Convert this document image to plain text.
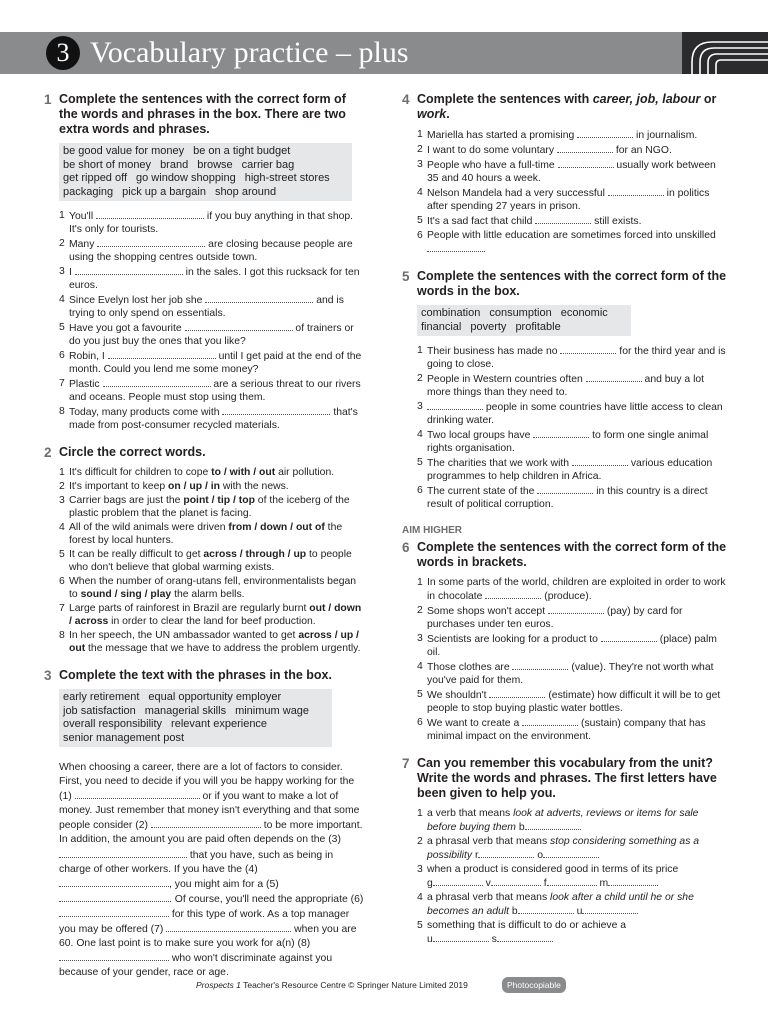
3 Vocabulary practice – plus
1 Complete the sentences with the correct form of the words and phrases in the box. There are two extra words and phrases.
be good value for money be on a tight budgetbe short of money brand browse carrier bagget ripped off go window shopping high-street storespackaging pick up a bargain shop around
1 You'll	if you buy anything in that shop. It's only for tourists.
2 Many	are closing because people are using the shopping centres outside town.
3 I	in the sales. I got this rucksack for ten euros.
4 Since Evelyn lost her job she	and is trying to only spend on essentials.
5 Have you got a favourite	of trainers or do you just buy the ones that you like?
6 Robin, I	until I get paid at the end of the month. Could you lend me some money?
7 Plastic	are a serious threat to our rivers and oceans. People must stop using them.
8 Today, many products come with	that's made from post-consumer recycled materials.
2 Circle the correct words.
1 It's difficult for children to cope to / with / out air pollution.
2 It's important to keep on / up / in with the news.
3 Carrier bags are just the point / tip / top of the iceberg of the plastic problem that the planet is facing.
4 All of the wild animals were driven from / down / out of the forest by local hunters.
5 It can be really difficult to get across / through / up to people who don't believe that global warming exists.
6 When the number of orang-utans fell, environmentalists began to sound / sing / play the alarm bells.
7 Large parts of rainforest in Brazil are regularly burnt out / down / across in order to clear the land for beef production.
8 In her speech, the UN ambassador wanted to get across / up / out the message that we have to address the problem urgently.
3 Complete the text with the phrases in the box.
early retirement equal opportunity employerjob satisfaction managerial skills minimum wageoverall responsibility relevant experiencesenior management post
When choosing a career, there are a lot of factors to consider. First, you need to decide if you will you be happy working for the (1)	or if you want to make a lot of money. Just remember that money isn't everything and that some people consider (2)	to be more important. In addition, the amount you are paid often depends on the (3)  that you have, such as being in charge of other workers. If you have the (4) , you might aim for a (5) . Of course, you'll need the appropriate (6)  for this type of work. As a top manager you may be offered (7)	when you are 60. One last point is to make sure you work for a(n) (8)  who won't discriminate against you because of your gender, race or age.
4 Complete the sentences with career, job, labour or work.
1 Mariella has started a promising	in journalism.
2 I want to do some voluntary	for an NGO.
3 People who have a full-time	usually work between 35 and 40 hours a week.
4 Nelson Mandela had a very successful	in politics after spending 27 years in prison.
5 It's a sad fact that child	still exists.
6 People with little education are sometimes forced into unskilled .
5 Complete the sentences with the correct form of the words in the box.
combination consumption economicfinancial poverty profitable
1 Their business has made no	for the third year and is going to close.
2 People in Western countries often	and buy a lot more things than they need to.
3	people in some countries have little access to clean drinking water.
4 Two local groups have	to form one single animal rights organisation.
5 The charities that we work with	various education programmes to help children in Africa.
6 The current state of the	in this country is a direct result of political corruption.
AIM HIGHER
6 Complete the sentences with the correct form of the words in brackets.
1 In some parts of the world, children are exploited in order to work in chocolate	(produce).
2 Some shops won't accept	(pay) by card for purchases under ten euros.
3 Scientists are looking for a product to	(place) palm oil.
4 Those clothes are	(value). They're not worth what you've paid for them.
5 We shouldn't	(estimate) how difficult it will be to get people to stop buying plastic water bottles.
6 We want to create a	(sustain) company that has minimal impact on the environment.
7 Can you remember this vocabulary from the unit? Write the words and phrases. The first letters have been given to help you.
1 a verb that means look at adverts, reviews or items for sale before buying them b
2 a phrasal verb that means stop considering something as a possibility r	o
3 when a product is considered good in terms of its price
g	v	f	m
4 a phrasal verb that means look after a child until he or she becomes an adult b	u
5 something that is difficult to do or achieve a
u	s
Prospects 1 Teacher's Resource Centre © Springer Nature Limited 2019	Photocopiable
